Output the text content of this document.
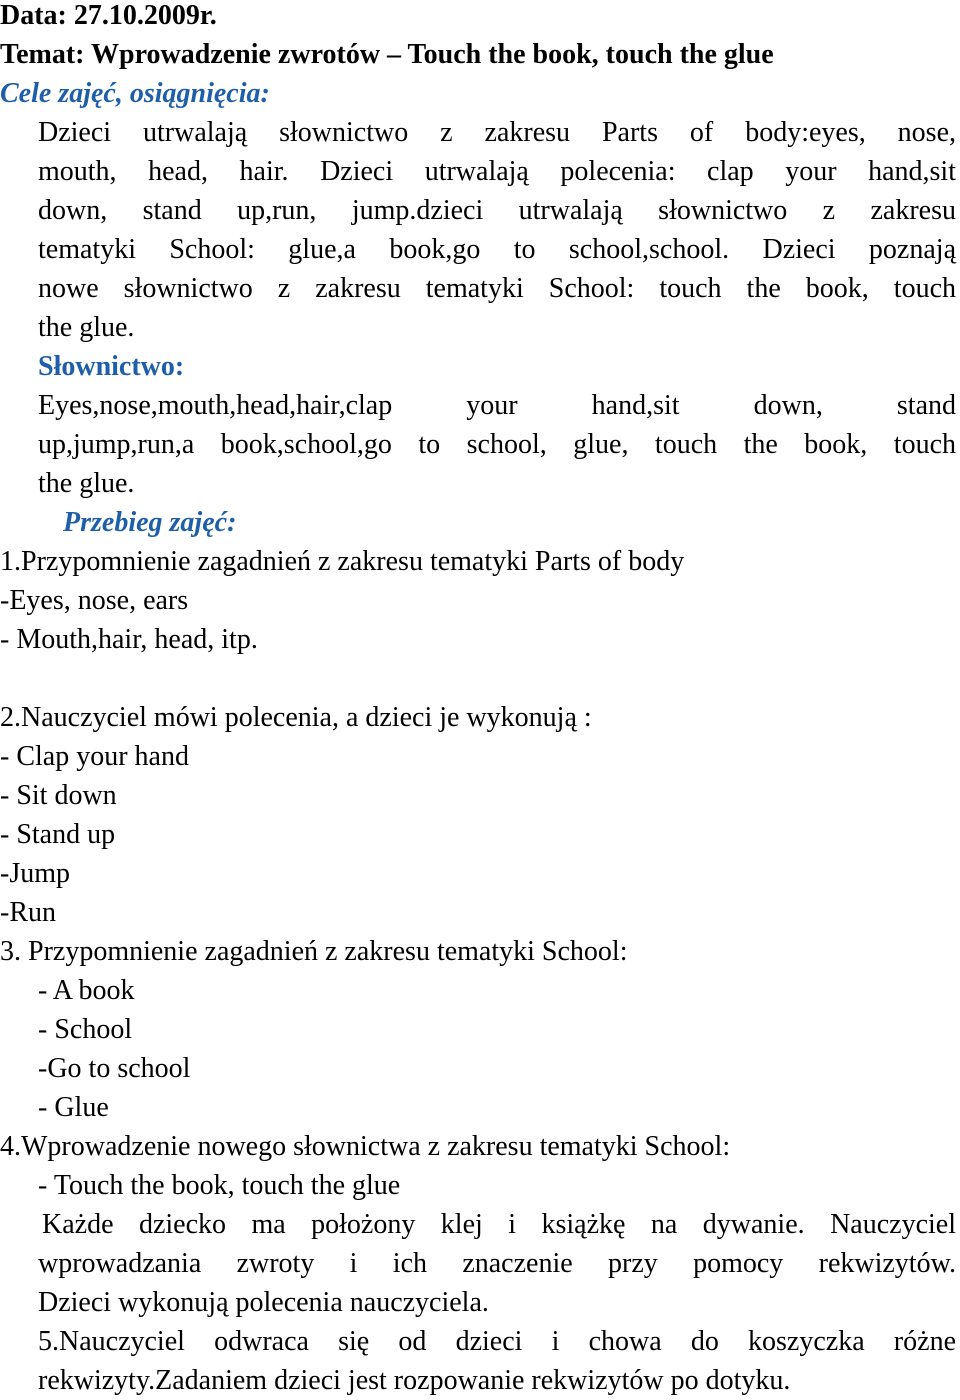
Data: 27.10.2009r.
Temat: Wprowadzenie zwrotów – Touch the book, touch the glue
Cele zajęć, osiągnięcia:
Dzieci utrwalają słownictwo z zakresu Parts of body:eyes, nose,
mouth, head, hair. Dzieci utrwalają polecenia: clap your hand,sit
down, stand up,run, jump.dzieci utrwalają słownictwo z zakresu
tematyki School: glue,a book,go to school,school. Dzieci poznają
nowe słownictwo z zakresu tematyki School: touch the book, touch
the glue.
Słownictwo:
Eyes,nose,mouth,head,hair,clap your hand,sit down, stand
up,jump,run,a book,school,go to school, glue, touch the book, touch
the glue.
Przebieg zajęć:
1.Przypomnienie zagadnień z zakresu tematyki Parts of body
-Eyes, nose, ears
- Mouth,hair, head, itp.
2.Nauczyciel mówi polecenia, a dzieci je wykonują :
- Clap your hand
- Sit down
- Stand up
-Jump
-Run
3. Przypomnienie zagadnień z zakresu tematyki School:
- A book
- School
-Go to school
- Glue
4.Wprowadzenie nowego słownictwa z zakresu tematyki School:
- Touch the book, touch the glue
Każde dziecko ma położony klej i książkę na dywanie. Nauczyciel
wprowadzania zwroty i ich znaczenie przy pomocy rekwizytów.
Dzieci wykonują polecenia nauczyciela.
5.Nauczyciel odwraca się od dzieci i chowa do koszyczka różne
rekwizyty.Zadaniem dzieci jest rozpowanie rekwizytów po dotyku.
